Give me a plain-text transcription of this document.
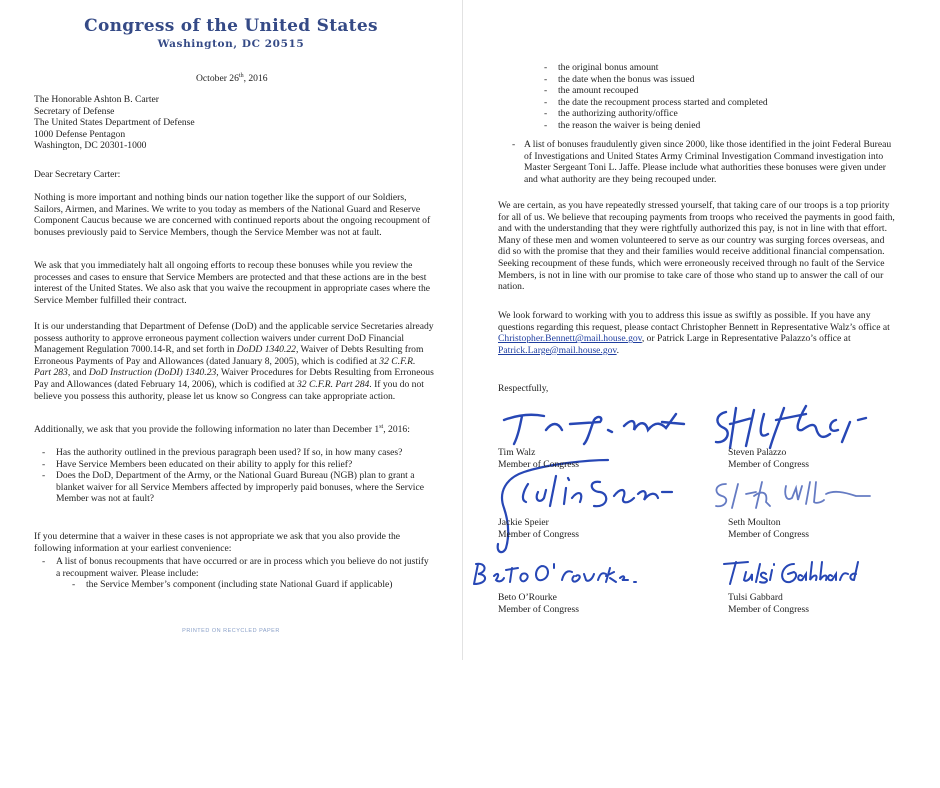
Congress of the United States
Washington, DC 20515
October 26th, 2016
The Honorable Ashton B. Carter
Secretary of Defense
The United States Department of Defense
1000 Defense Pentagon
Washington, DC 20301-1000

Dear Secretary Carter:

Nothing is more important and nothing binds our nation together like the support of our Soldiers, Sailors, Airmen, and Marines. We write to you today as members of the National Guard and Reserve Component Caucus because we are concerned with continued reports about the ongoing recoupment of bonuses previously paid to Service Members, though the Service Member was not at fault.

We ask that you immediately halt all ongoing efforts to recoup these bonuses while you review the processes and cases to ensure that Service Members are protected and that these actions are in the best interest of the United States. We also ask that you waive the recoupment in appropriate cases where the Service Member fulfilled their contract.

It is our understanding that Department of Defense (DoD) and the applicable service Secretaries already possess authority to approve erroneous payment collection waivers under current DoD Financial Management Regulation 7000.14-R, and set forth in DoDD 1340.22, Waiver of Debts Resulting from Erroneous Payments of Pay and Allowances (dated January 8, 2005), which is codified at 32 C.F.R. Part 283, and DoD Instruction (DoDI) 1340.23, Waiver Procedures for Debts Resulting from Erroneous Pay and Allowances (dated February 14, 2006), which is codified at 32 C.F.R. Part 284. If you do not believe you possess this authority, please let us know so Congress can take appropriate action.

Additionally, we ask that you provide the following information no later than December 1st, 2016:

- Has the authority outlined in the previous paragraph been used? If so, in how many cases?
- Have Service Members been educated on their ability to apply for this relief?
- Does the DoD, Department of the Army, or the National Guard Bureau (NGB) plan to grant a blanket waiver for all Service Members affected by improperly paid bonuses, where the Service Member was not at fault?

If you determine that a waiver in these cases is not appropriate we ask that you also provide the following information at your earliest convenience:

- A list of bonus recoupments that have occurred or are in process which you believe do not justify a recoupment waiver. Please include:
- the Service Member’s component (including state National Guard if applicable)
PRINTED ON RECYCLED PAPER
- the original bonus amount
- the date when the bonus was issued
- the amount recouped
- the date the recoupment process started and completed
- the authorizing authority/office
- the reason the waiver is being denied
- A list of bonuses fraudulently given since 2000, like those identified in the joint Federal Bureau of Investigations and United States Army Criminal Investigation Command investigation into Master Sergeant Toni L. Jaffe. Please include what authorities these bonuses were given under and what authority are they being recouped under.

We are certain, as you have repeatedly stressed yourself, that taking care of our troops is a top priority for all of us. We believe that recouping payments from troops who received the payments in good faith, and with the understanding that they were rightfully authorized this pay, is not in line with that effort. Many of these men and women volunteered to serve as our country was surging forces overseas, and did so with the promise that they and their families would receive additional financial compensation. Seeking recoupment of these funds, which were erroneously received through no fault of the Service Members, is not in line with our promise to take care of those who stand up to answer the call of our nation.

We look forward to working with you to address this issue as swiftly as possible. If you have any questions regarding this request, please contact Christopher Bennett in Representative Walz’s office at Christopher.Bennett@mail.house.gov, or Patrick Large in Representative Palazzo’s office at Patrick.Large@mail.house.gov.

Respectfully,
Tim Walz
Member of Congress
Steven Palazzo
Member of Congress
Jackie Speier
Member of Congress
Seth Moulton
Member of Congress
Beto O’Rourke
Member of Congress
Tulsi Gabbard
Member of Congress
